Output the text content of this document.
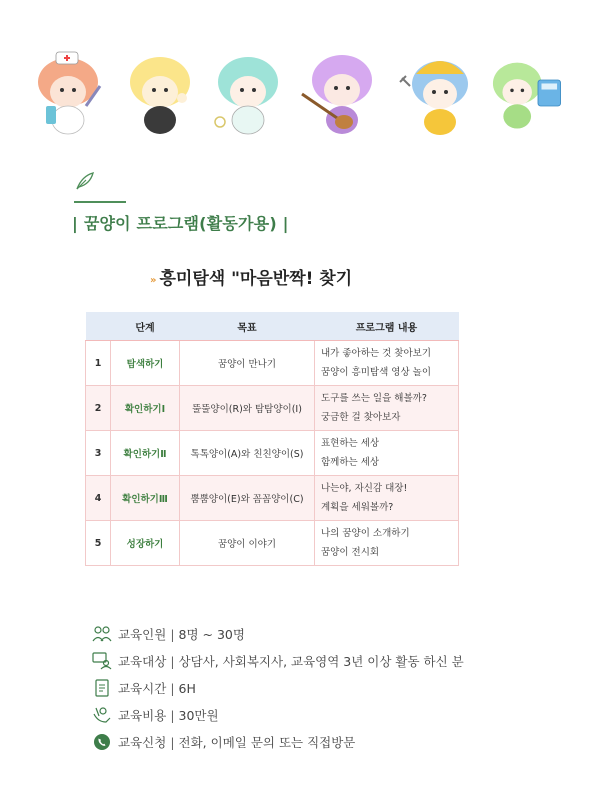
| 꿈양이 프로그램(활동가용) |
» 흥미탐색 "마음반짝! 찾기
	단계	목표	프로그램 내용
1	탐색하기	꿈양이 만나기	내가 좋아하는 것 찾아보기
꿈양이 흥미탐색 영상 놀이

2	확인하기Ⅰ	뚤뚤양이(R)와 탐탐양이(I)	도구를 쓰는 일을 해볼까?
궁금한 걸 찾아보자

3	확인하기Ⅱ	톡톡양이(A)와 친친양이(S)	표현하는 세상
함께하는 세상

4	확인하기Ⅲ	뿜뿜양이(E)와 꼼꼼양이(C)	나는야, 자신감 대장!
계획을 세워볼까?

5	성장하기	꿈양이 이야기	나의 꿈양이 소개하기
꿈양이 전시회
교육인원 | 8명 ~ 30명
교육대상 | 상담사, 사회복지사, 교육영역 3년 이상 활동 하신 분
교육시간 | 6H
교육비용 | 30만원
교육신청 | 전화, 이메일 문의 또는 직접방문
